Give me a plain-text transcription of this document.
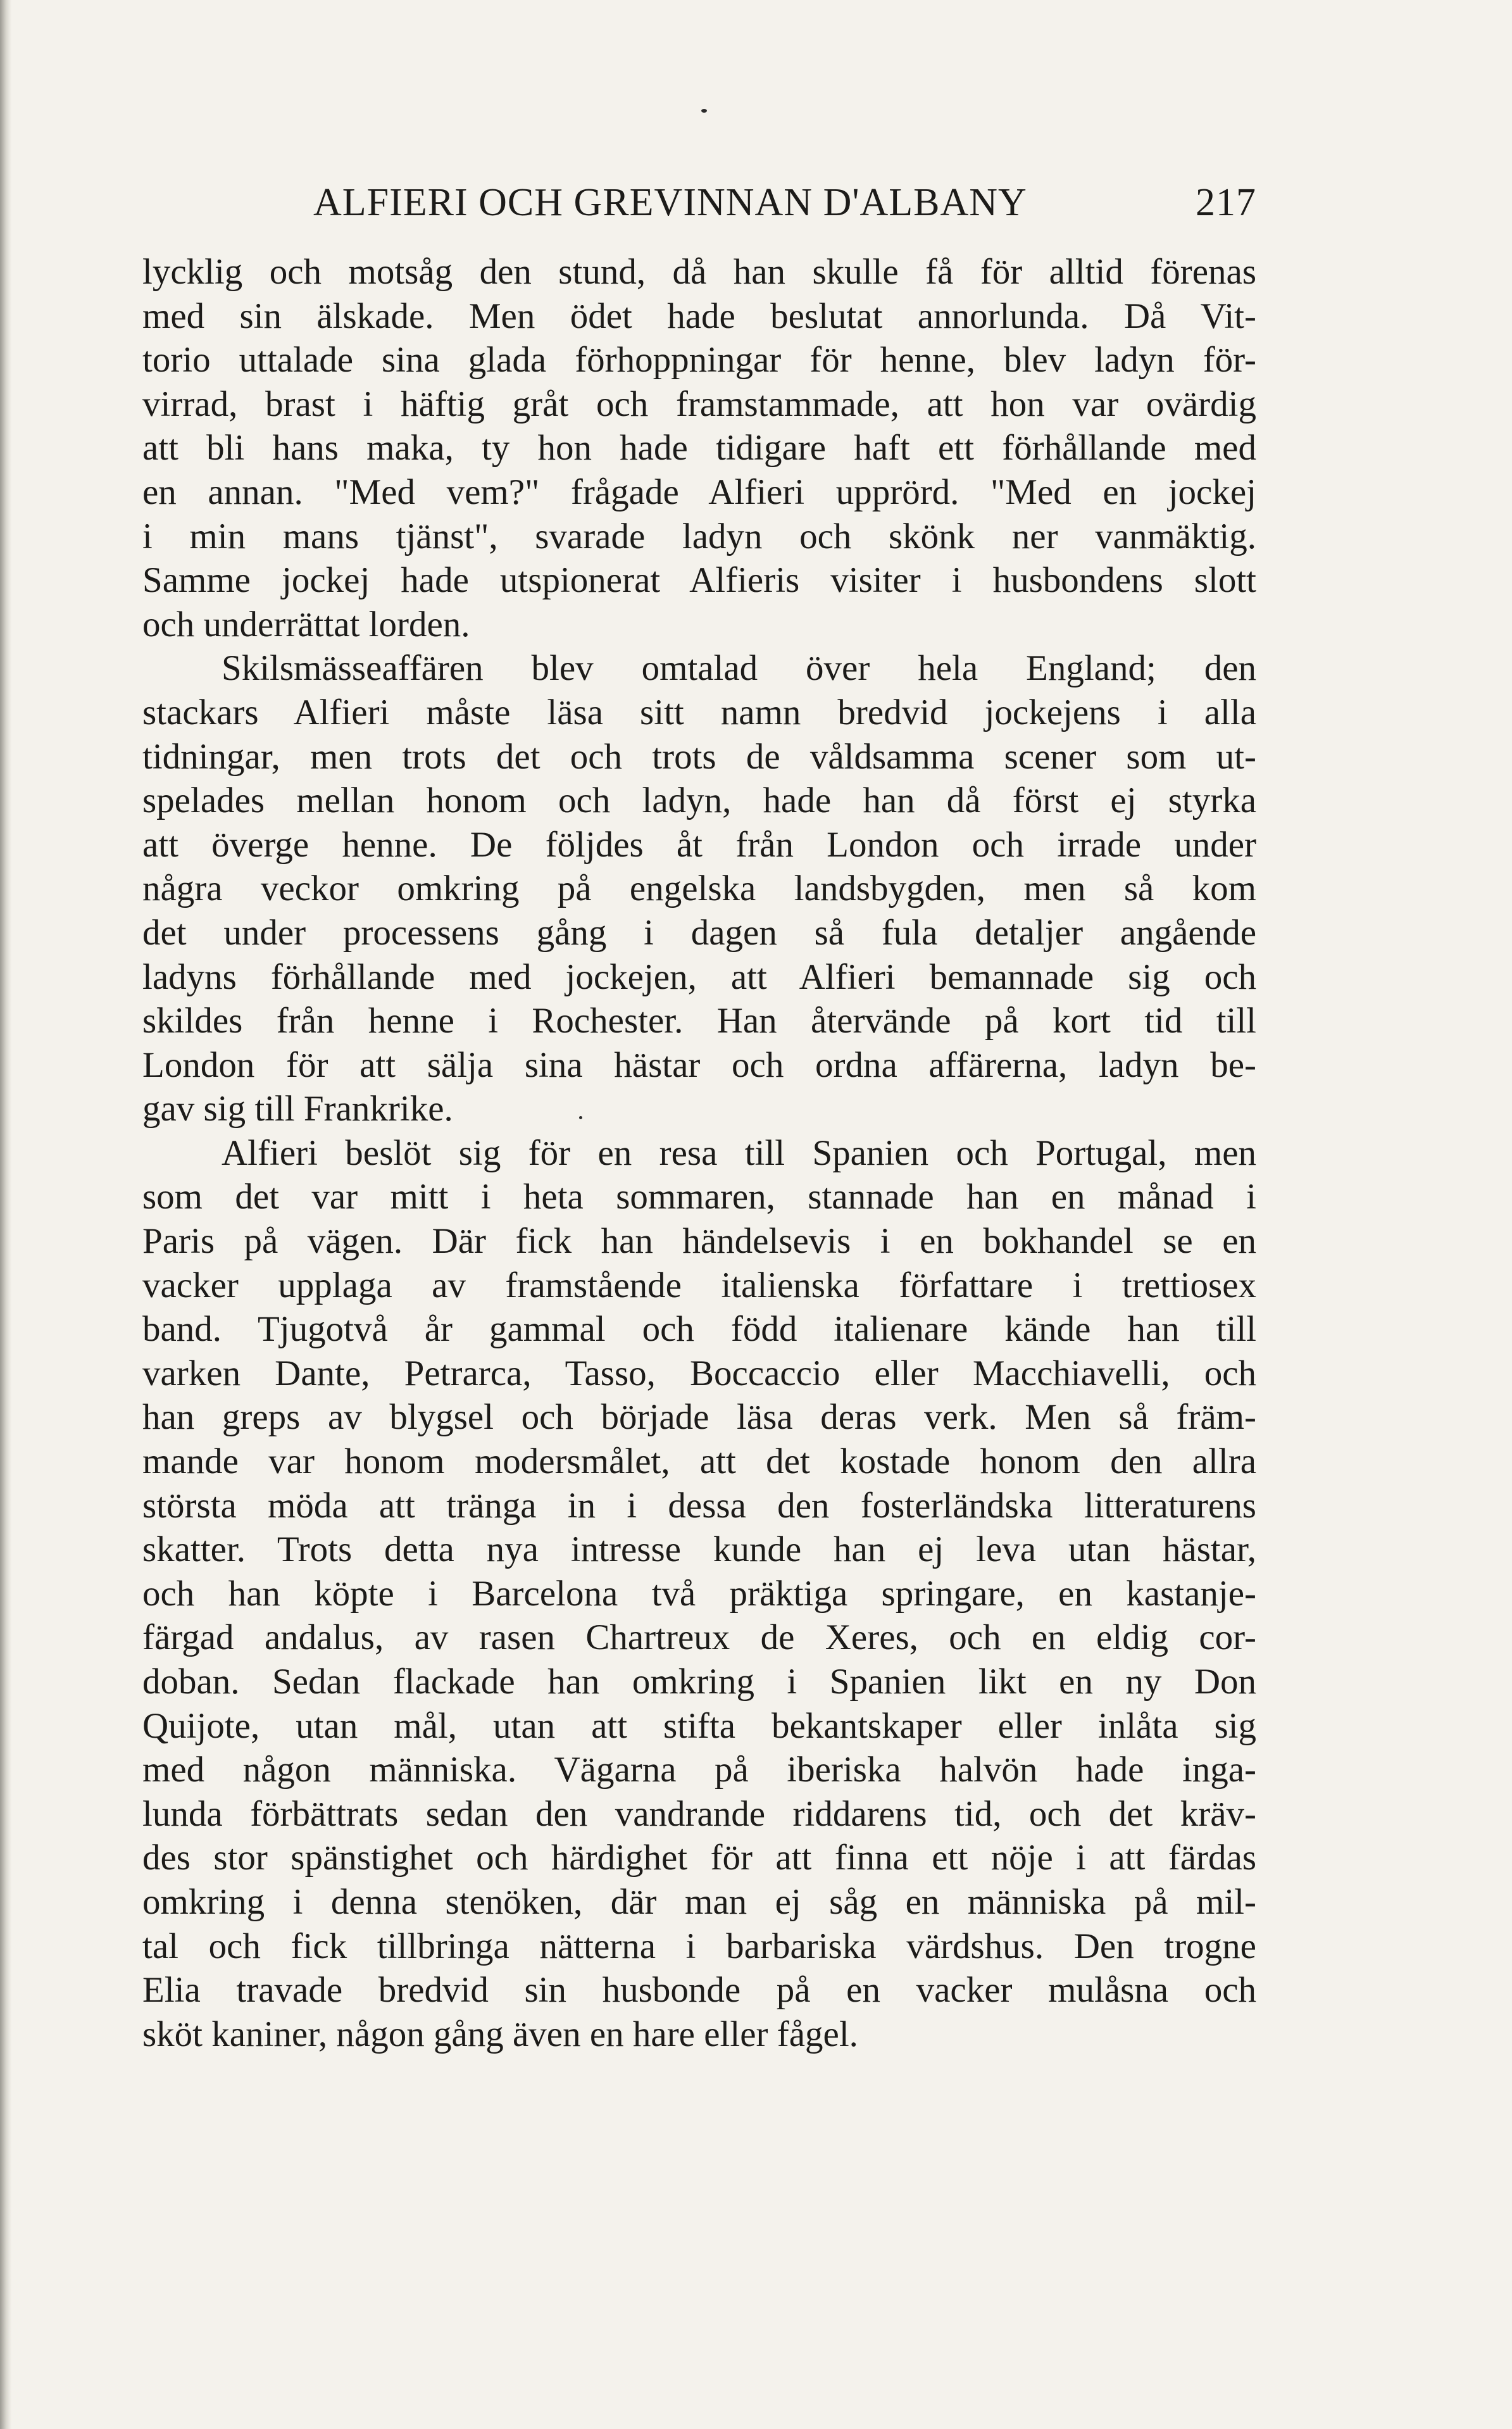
ALFIERI OCH GREVINNAN D'ALBANY	217
lycklig och motsåg den stund, då han skulle få för alltid förenas
med sin älskade. Men ödet hade beslutat annorlunda. Då Vit-
torio uttalade sina glada förhoppningar för henne, blev ladyn för-
virrad, brast i häftig gråt och framstammade, att hon var ovärdig
att bli hans maka, ty hon hade tidigare haft ett förhållande med
en annan. "Med vem?" frågade Alfieri upprörd. "Med en jockej
i min mans tjänst", svarade ladyn och skönk ner vanmäktig.
Samme jockej hade utspionerat Alfieris visiter i husbondens slott
och underrättat lorden.
Skilsmässeaffären blev omtalad över hela England; den
stackars Alfieri måste läsa sitt namn bredvid jockejens i alla
tidningar, men trots det och trots de våldsamma scener som ut-
spelades mellan honom och ladyn, hade han då först ej styrka
att överge henne. De följdes åt från London och irrade under
några veckor omkring på engelska landsbygden, men så kom
det under processens gång i dagen så fula detaljer angående
ladyns förhållande med jockejen, att Alfieri bemannade sig och
skildes från henne i Rochester. Han återvände på kort tid till
London för att sälja sina hästar och ordna affärerna, ladyn be-
gav sig till Frankrike.
Alfieri beslöt sig för en resa till Spanien och Portugal, men
som det var mitt i heta sommaren, stannade han en månad i
Paris på vägen. Där fick han händelsevis i en bokhandel se en
vacker upplaga av framstående italienska författare i trettiosex
band. Tjugotvå år gammal och född italienare kände han till
varken Dante, Petrarca, Tasso, Boccaccio eller Macchiavelli, och
han greps av blygsel och började läsa deras verk. Men så främ-
mande var honom modersmålet, att det kostade honom den allra
största möda att tränga in i dessa den fosterländska litteraturens
skatter. Trots detta nya intresse kunde han ej leva utan hästar,
och han köpte i Barcelona två präktiga springare, en kastanje-
färgad andalus, av rasen Chartreux de Xeres, och en eldig cor-
doban. Sedan flackade han omkring i Spanien likt en ny Don
Quijote, utan mål, utan att stifta bekantskaper eller inlåta sig
med någon människa. Vägarna på iberiska halvön hade inga-
lunda förbättrats sedan den vandrande riddarens tid, och det kräv-
des stor spänstighet och härdighet för att finna ett nöje i att färdas
omkring i denna stenöken, där man ej såg en människa på mil-
tal och fick tillbringa nätterna i barbariska värdshus. Den trogne
Elia travade bredvid sin husbonde på en vacker mulåsna och
sköt kaniner, någon gång även en hare eller fågel.
